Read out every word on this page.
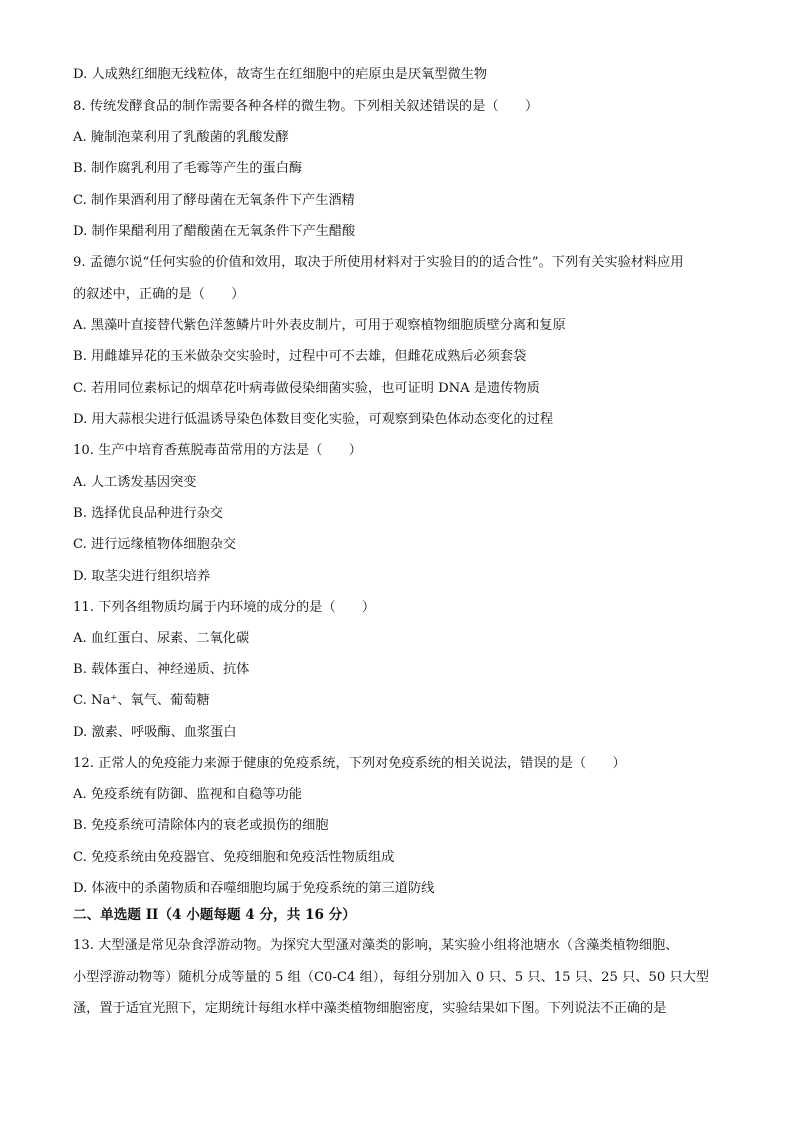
D. 人成熟红细胞无线粒体，故寄生在红细胞中的疟原虫是厌氧型微生物
8. 传统发酵食品的制作需要各种各样的微生物。下列相关叙述错误的是（　　）
A. 腌制泡菜利用了乳酸菌的乳酸发酵
B. 制作腐乳利用了毛霉等产生的蛋白酶
C. 制作果酒利用了酵母菌在无氧条件下产生酒精
D. 制作果醋利用了醋酸菌在无氧条件下产生醋酸
9. 孟德尔说“任何实验的价值和效用，取决于所使用材料对于实验目的的适合性”。下列有关实验材料应用
的叙述中，正确的是（　　）
A. 黑藻叶直接替代紫色洋葱鳞片叶外表皮制片，可用于观察植物细胞质壁分离和复原
B. 用雌雄异花的玉米做杂交实验时，过程中可不去雄，但雌花成熟后必须套袋
C. 若用同位素标记的烟草花叶病毒做侵染细菌实验，也可证明 DNA 是遗传物质
D. 用大蒜根尖进行低温诱导染色体数目变化实验，可观察到染色体动态变化的过程
10. 生产中培育香蕉脱毒苗常用的方法是（　　）
A. 人工诱发基因突变
B. 选择优良品种进行杂交
C. 进行远缘植物体细胞杂交
D. 取茎尖进行组织培养
11. 下列各组物质均属于内环境的成分的是（　　）
A. 血红蛋白、尿素、二氧化碳
B. 载体蛋白、神经递质、抗体
C. Na⁺、氧气、葡萄糖
D. 激素、呼吸酶、血浆蛋白
12. 正常人的免疫能力来源于健康的免疫系统，下列对免疫系统的相关说法，错误的是（　　）
A. 免疫系统有防御、监视和自稳等功能
B. 免疫系统可清除体内的衰老或损伤的细胞
C. 免疫系统由免疫器官、免疫细胞和免疫活性物质组成
D. 体液中的杀菌物质和吞噬细胞均属于免疫系统的第三道防线
二、单选题 II（4 小题每题 4 分，共 16 分）
13. 大型溞是常见杂食浮游动物。为探究大型溞对藻类的影响，某实验小组将池塘水（含藻类植物细胞、
小型浮游动物等）随机分成等量的 5 组（C0-C4 组），每组分别加入 0 只、5 只、15 只、25 只、50 只大型
溞，置于适宜光照下，定期统计每组水样中藻类植物细胞密度，实验结果如下图。下列说法不正确的是
